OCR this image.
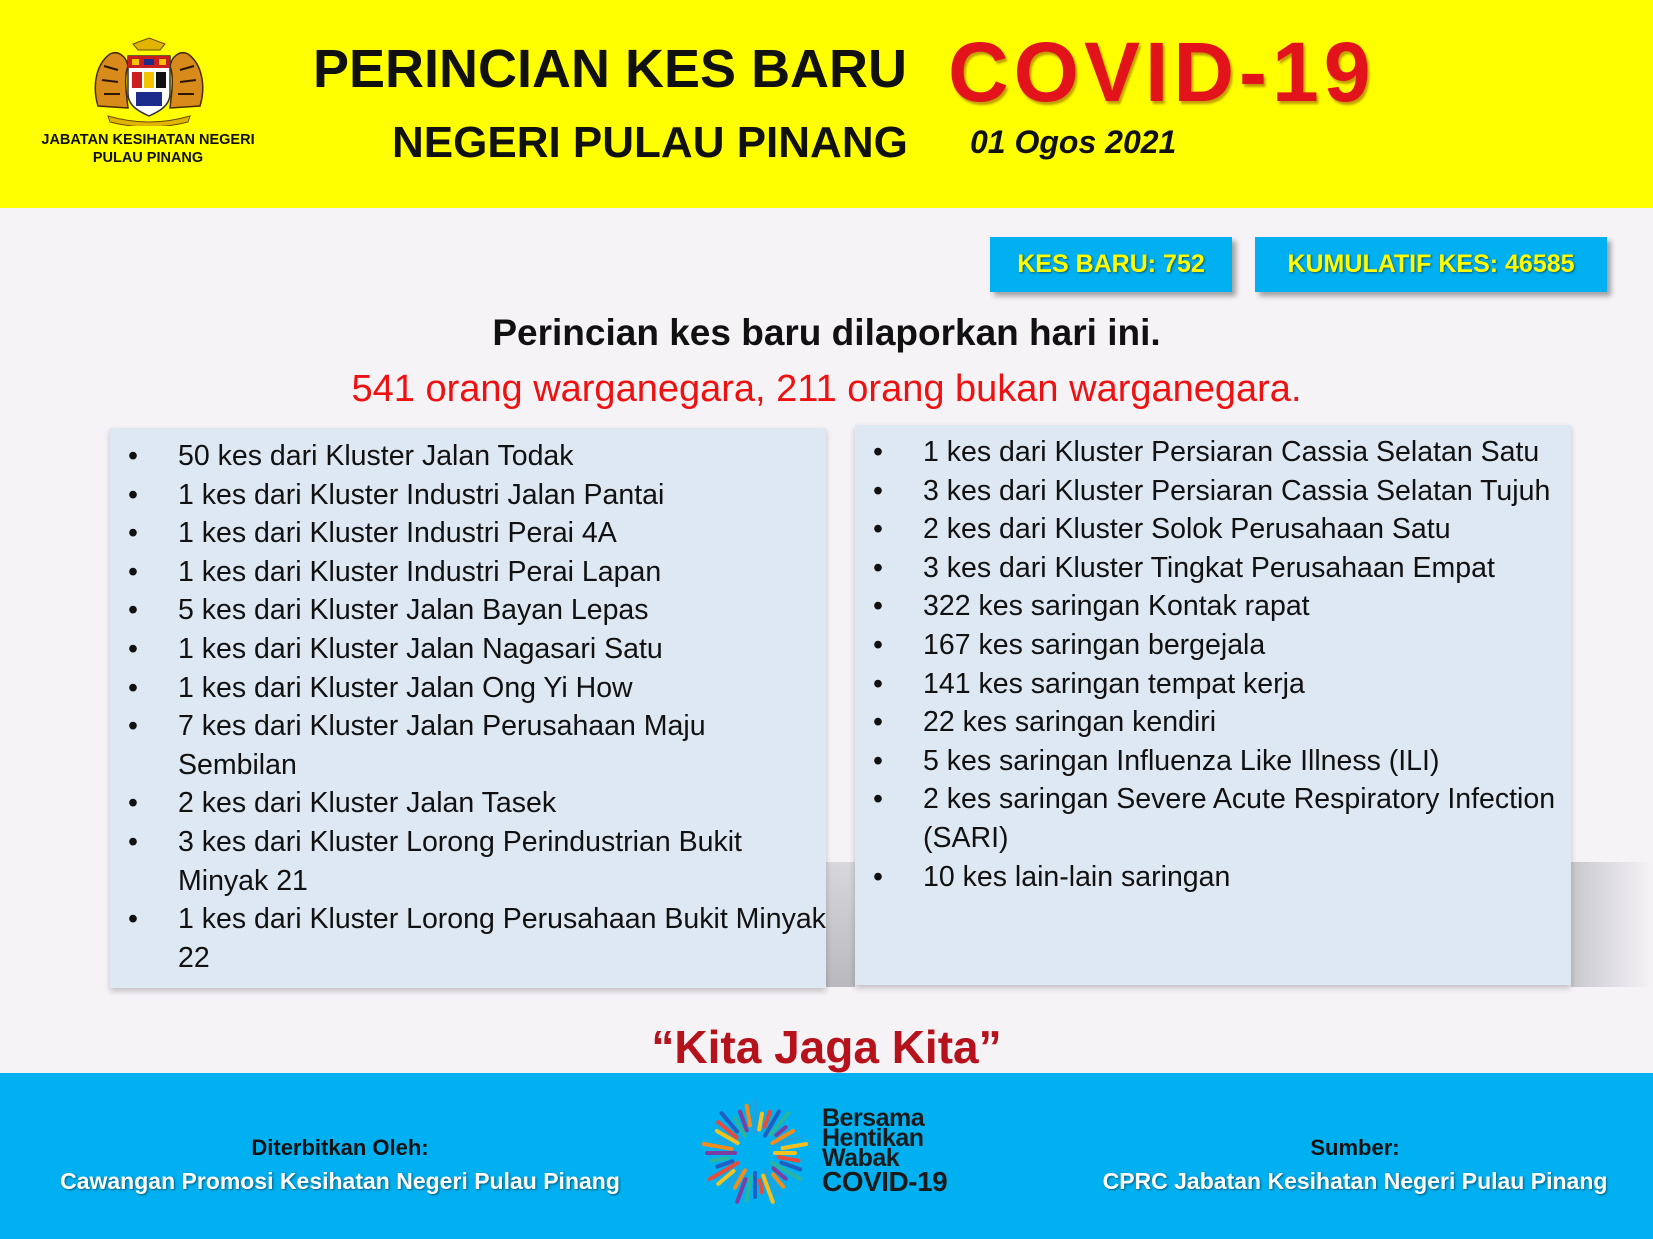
JABATAN KESIHATAN NEGERI
PULAU PINANG
PERINCIAN KES BARU COVID-19
NEGERI PULAU PINANG 01 Ogos 2021
KES BARU: 752	KUMULATIF KES: 46585
Perincian kes baru dilaporkan hari ini.
541 orang warganegara, 211 orang bukan warganegara.
• 50 kes dari Kluster Jalan Todak
• 1 kes dari Kluster Industri Jalan Pantai
• 1 kes dari Kluster Industri Perai 4A
• 1 kes dari Kluster Industri Perai Lapan
• 5 kes dari Kluster Jalan Bayan Lepas
• 1 kes dari Kluster Jalan Nagasari Satu
• 1 kes dari Kluster Jalan Ong Yi How
• 7 kes dari Kluster Jalan Perusahaan Maju Sembilan
• 2 kes dari Kluster Jalan Tasek
• 3 kes dari Kluster Lorong Perindustrian Bukit Minyak 21
• 1 kes dari Kluster Lorong Perusahaan Bukit Minyak 22
• 1 kes dari Kluster Persiaran Cassia Selatan Satu
• 3 kes dari Kluster Persiaran Cassia Selatan Tujuh
• 2 kes dari Kluster Solok Perusahaan Satu
• 3 kes dari Kluster Tingkat Perusahaan Empat
• 322 kes saringan Kontak rapat
• 167 kes saringan bergejala
• 141 kes saringan tempat kerja
• 22 kes saringan kendiri
• 5 kes saringan Influenza Like Illness (ILI)
• 2 kes saringan Severe Acute Respiratory Infection (SARI)
• 10 kes lain-lain saringan
“Kita Jaga Kita”
Diterbitkan Oleh:
Cawangan Promosi Kesihatan Negeri Pulau Pinang
Sumber:
CPRC Jabatan Kesihatan Negeri Pulau Pinang
Bersama
Hentikan
Wabak
COVID-19
